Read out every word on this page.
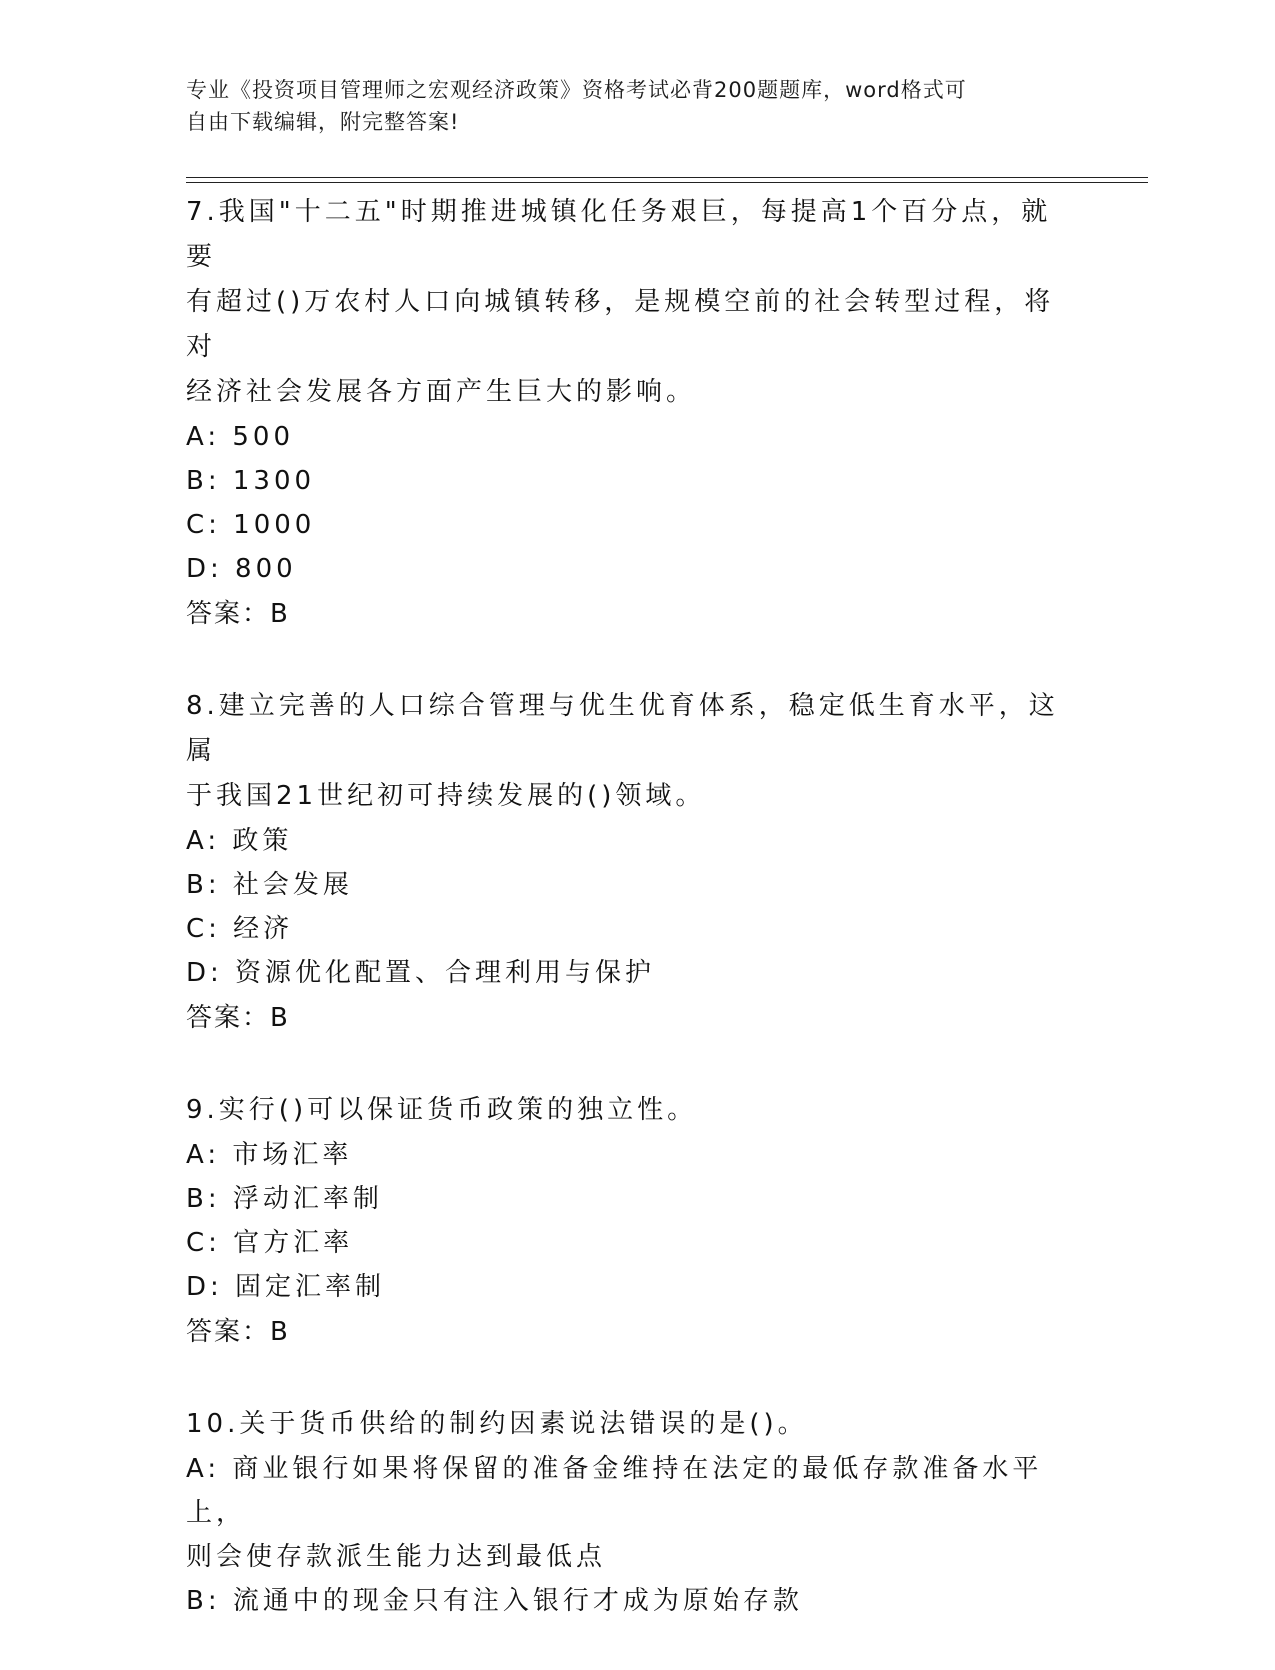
专业《投资项目管理师之宏观经济政策》资格考试必背200题题库，word格式可
自由下载编辑，附完整答案!
7.我国"十二五"时期推进城镇化任务艰巨，每提高1个百分点，就要
有超过()万农村人口向城镇转移，是规模空前的社会转型过程，将对
经济社会发展各方面产生巨大的影响。
A: 500
B: 1300
C: 1000
D: 800
答案：B
8.建立完善的人口综合管理与优生优育体系，稳定低生育水平，这属
于我国21世纪初可持续发展的()领域。
A: 政策
B: 社会发展
C: 经济
D: 资源优化配置、合理利用与保护
答案：B
9.实行()可以保证货币政策的独立性。
A: 市场汇率
B: 浮动汇率制
C: 官方汇率
D: 固定汇率制
答案：B
10.关于货币供给的制约因素说法错误的是()。
A: 商业银行如果将保留的准备金维持在法定的最低存款准备水平上，
则会使存款派生能力达到最低点
B: 流通中的现金只有注入银行才成为原始存款
